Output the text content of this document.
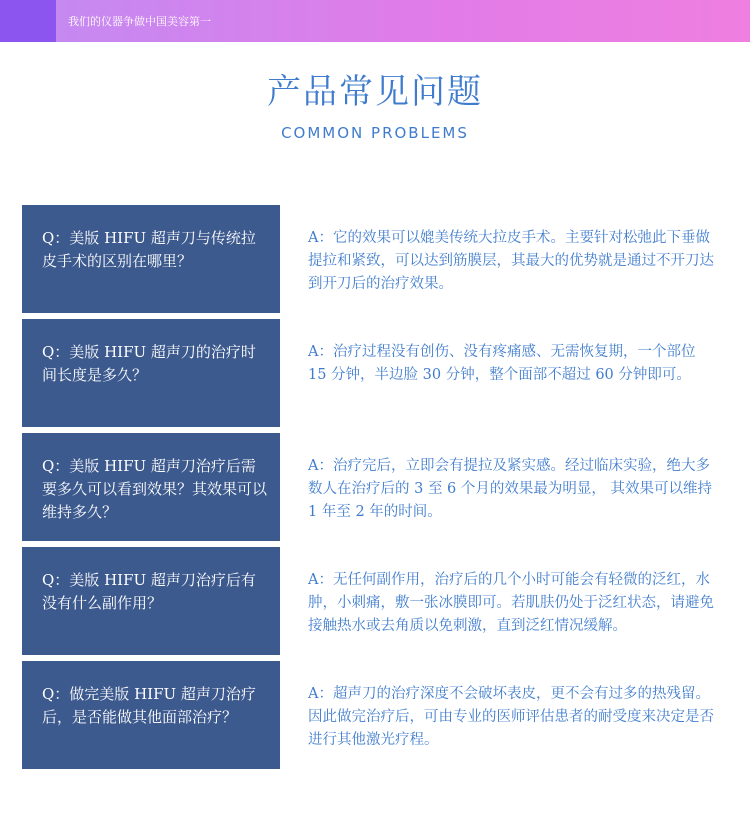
我们的仪器争做中国美容第一
产品常见问题
COMMON PROBLEMS
Q：美版 HIFU 超声刀与传统拉皮手术的区别在哪里？
A：它的效果可以媲美传统大拉皮手术。主要针对松弛此下垂做提拉和紧致，可以达到筋膜层，其最大的优势就是通过不开刀达到开刀后的治疗效果。
Q：美版 HIFU 超声刀的治疗时间长度是多久？
A：治疗过程没有创伤、没有疼痛感、无需恢复期，一个部位 15 分钟，半边脸 30 分钟，整个面部不超过 60 分钟即可。
Q：美版 HIFU 超声刀治疗后需要多久可以看到效果？其效果可以维持多久？
A：治疗完后，立即会有提拉及紧实感。经过临床实验，绝大多数人在治疗后的 3 至 6 个月的效果最为明显， 其效果可以维持 1 年至 2 年的时间。
Q：美版 HIFU 超声刀治疗后有没有什么副作用？
A：无任何副作用，治疗后的几个小时可能会有轻微的泛红，水肿，小刺痛，敷一张冰膜即可。若肌肤仍处于泛红状态，请避免接触热水或去角质以免刺激，直到泛红情况缓解。
Q：做完美版 HIFU 超声刀治疗后，是否能做其他面部治疗？
A：超声刀的治疗深度不会破坏表皮，更不会有过多的热残留。因此做完治疗后，可由专业的医师评估患者的耐受度来决定是否进行其他激光疗程。
